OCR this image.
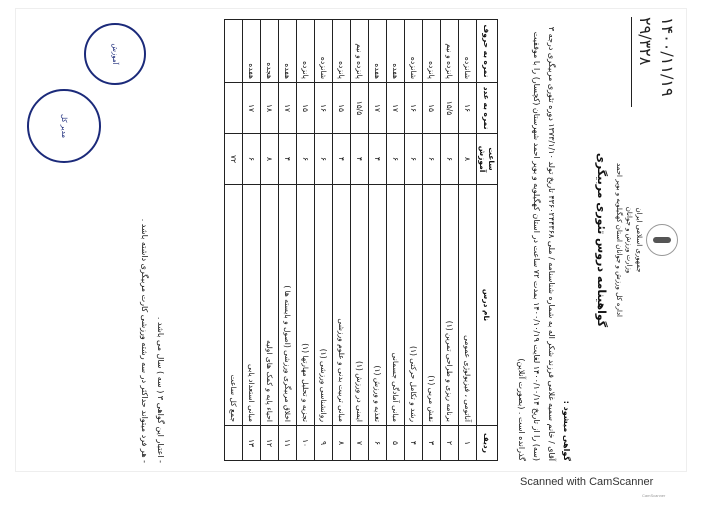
۱۴۰۰/۱۱/۱۹
۲۹/۳۲۸
جمهوری اسلامی ایران
وزارت ورزش و جوانان
اداره کل ورزش و جوانان استان کهگیلویه و بویر احمد
گواهینامه دروس تئوری مربیگری
گواهی میشود :
آقای / خانم سمیه غلامی فرزند شکر اله به شماره شناسنامه / ملی ۴۳۶۰۲۴۴۳۶۸ تاریخ تولد ۱۳۷۳/۱/۱۰ دوره تئوری مربیگری درجه ۳ (سه) را از تاریخ ۱۴۰۰/۱۰/۱۴ لغایت ۱۴۰۰/۱۰/۱۹ بمدت ۷۲ ساعت در استان کهگیلویه و بویر احمد شهرستان (کچسار) را با موفقیت گذرانده است . (بصورت آنلاین)
ردیف	نام درس	ساعت آموزش	نمره به عدد	نمره به حروف
۱	آناتومی ، فیزیولوژی عمومی	۸	۱۶	شانزده
۲	برنامه ریزی و طراحی تمرین (۱)	۶	۱۵/۵	پانزده و نیم
۳	نقش مربی (۱)	۶	۱۵	پانزده
۴	رشد و تکامل حرکتی (۱)	۶	۱۶	شانزده
۵	مبانی آمادگی جسمانی	۶	۱۷	هفده
۶	تغذیه و ورزش (۱)	۴	۱۷	هفده
۷	ایمنی در ورزش (۱)	۴	۱۵/۵	پانزده و نیم
۸	مبانی تربیت بدنی و علوم ورزشی	۴	۱۵	پانزده
۹	روانشناسی ورزشی (۱)	۶	۱۶	شانزده
۱۰	تجزیه و تحلیل مهارتها (۱)	۶	۱۵	پانزده
۱۱	اخلاق مربیگری ورزشی (اصول و بایسته ها )	۴	۱۷	هفده
۱۲	احیاء پایه و کمک های اولیه	۸	۱۸	هجده
۱۳	مبانی استعداد یابی	۶	۱۷	هفده
	جمع کل ساعت	۷۲		
- اعتبار این گواهی ۳ ( سه ) سال می باشد .
- هر فرد میتواند حداکثر در سه رشته ورزشی کارت مربیگری داشته باشد .
آموزش
مدیر کل
Scanned with CamScanner
CamScanner
